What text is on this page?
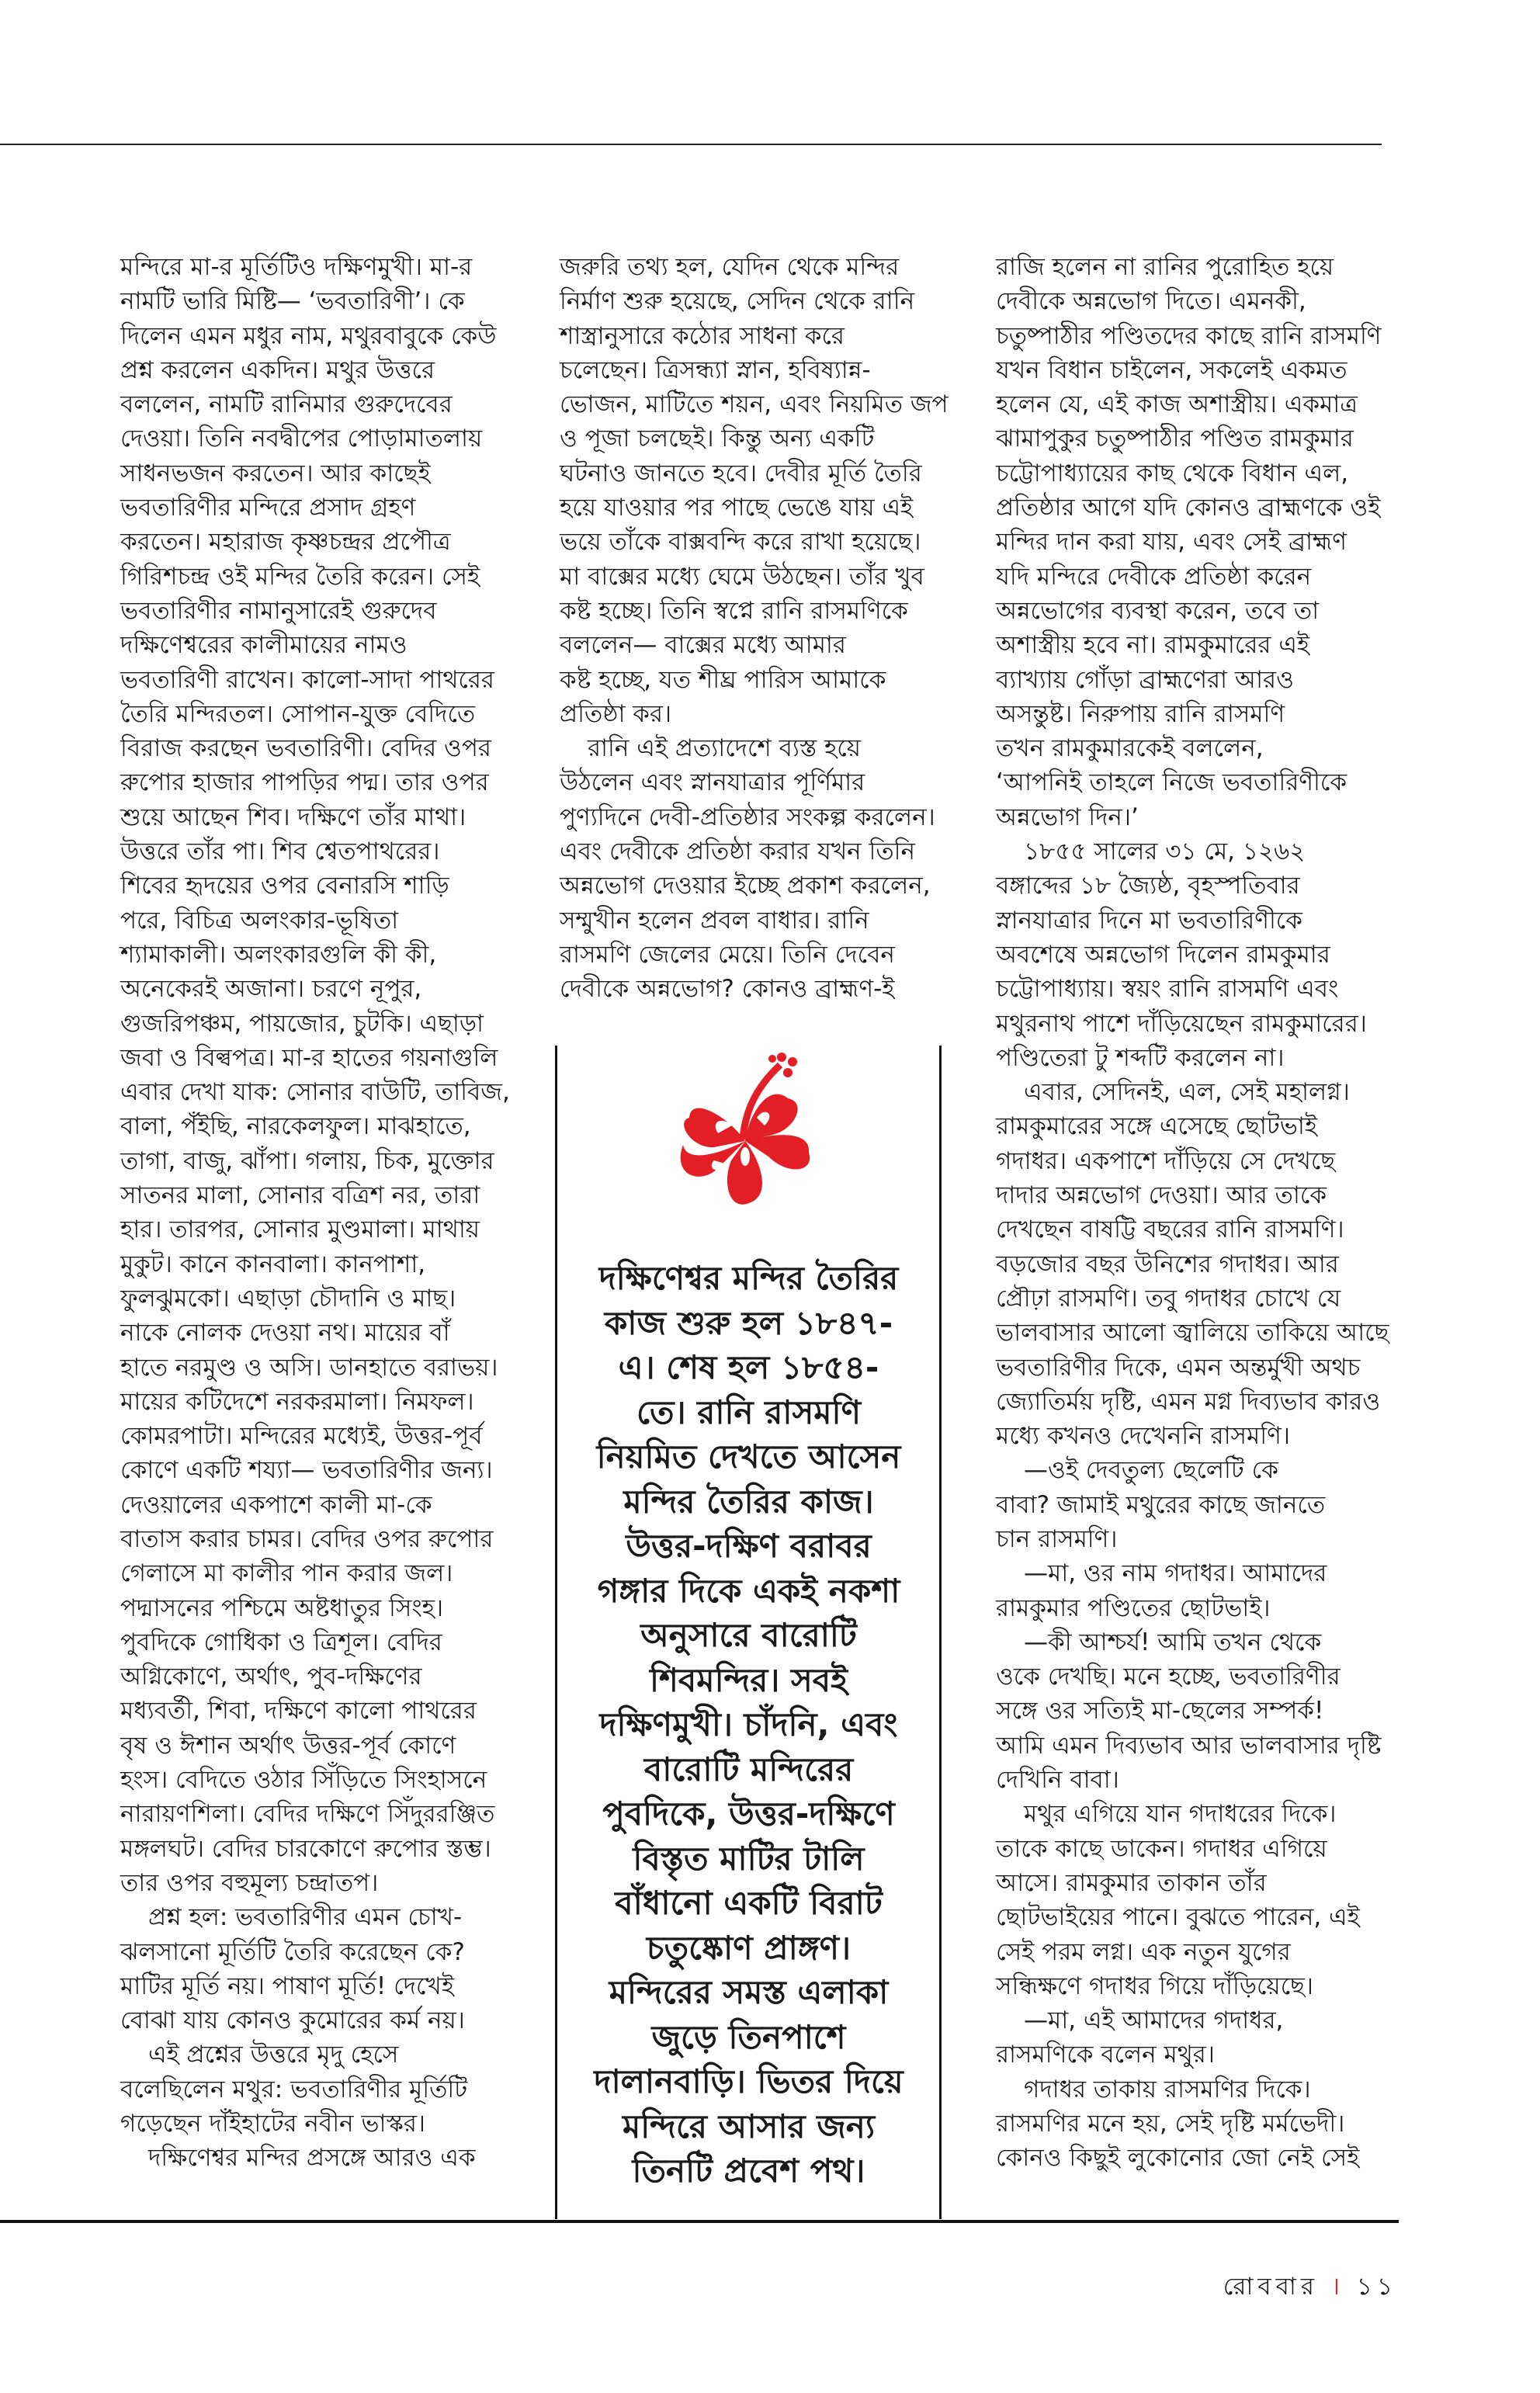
মন্দিরে মা-র মূর্তিটিও দক্ষিণমুখী। মা-র
নামটি ভারি মিষ্টি— ‘ভবতারিণী’। কে
দিলেন এমন মধুর নাম, মথুরবাবুকে কেউ
প্রশ্ন করলেন একদিন। মথুর উত্তরে
বললেন, নামটি রানিমার গুরুদেবের
দেওয়া। তিনি নবদ্বীপের পোড়ামাতলায়
সাধনভজন করতেন। আর কাছেই
ভবতারিণীর মন্দিরে প্রসাদ গ্রহণ
করতেন। মহারাজ কৃষ্ণচন্দ্রর প্রপৌত্র
গিরিশচন্দ্র ওই মন্দির তৈরি করেন। সেই
ভবতারিণীর নামানুসারেই গুরুদেব
দক্ষিণেশ্বরের কালীমায়ের নামও
ভবতারিণী রাখেন। কালো-সাদা পাথরের
তৈরি মন্দিরতল। সোপান-যুক্ত বেদিতে
বিরাজ করছেন ভবতারিণী। বেদির ওপর
রুপোর হাজার পাপড়ির পদ্ম। তার ওপর
শুয়ে আছেন শিব। দক্ষিণে তাঁর মাথা।
উত্তরে তাঁর পা। শিব শ্বেতপাথরের।
শিবের হৃদয়ের ওপর বেনারসি শাড়ি
পরে, বিচিত্র অলংকার-ভূষিতা
শ্যামাকালী। অলংকারগুলি কী কী,
অনেকেরই অজানা। চরণে নূপুর,
গুজরিপঞ্চম, পায়জোর, চুটকি। এছাড়া
জবা ও বিল্বপত্র। মা-র হাতের গয়নাগুলি
এবার দেখা যাক: সোনার বাউটি, তাবিজ,
বালা, পঁইছি, নারকেলফুল। মাঝহাতে,
তাগা, বাজু, ঝাঁপা। গলায়, চিক, মুক্তোর
সাতনর মালা, সোনার বত্রিশ নর, তারা
হার। তারপর, সোনার মুণ্ডমালা। মাথায়
মুকুট। কানে কানবালা। কানপাশা,
ফুলঝুমকো। এছাড়া চৌদানি ও মাছ।
নাকে নোলক দেওয়া নথ। মায়ের বাঁ
হাতে নরমুণ্ড ও অসি। ডানহাতে বরাভয়।
মায়ের কটিদেশে নরকরমালা। নিমফল।
কোমরপাটা। মন্দিরের মধ্যেই, উত্তর-পূর্ব
কোণে একটি শয্যা— ভবতারিণীর জন্য।
দেওয়ালের একপাশে কালী মা-কে
বাতাস করার চামর। বেদির ওপর রুপোর
গেলাসে মা কালীর পান করার জল।
পদ্মাসনের পশ্চিমে অষ্টধাতুর সিংহ।
পুবদিকে গোধিকা ও ত্রিশূল। বেদির
অগ্নিকোণে, অর্থাৎ, পুব-দক্ষিণের
মধ্যবর্তী, শিবা, দক্ষিণে কালো পাথরের
বৃষ ও ঈশান অর্থাৎ উত্তর-পূর্ব কোণে
হংস। বেদিতে ওঠার সিঁড়িতে সিংহাসনে
নারায়ণশিলা। বেদির দক্ষিণে সিঁদুররঞ্জিত
মঙ্গলঘট। বেদির চারকোণে রুপোর স্তম্ভ।
তার ওপর বহুমূল্য চন্দ্রাতপ।
প্রশ্ন হল: ভবতারিণীর এমন চোখ-
ঝলসানো মূর্তিটি তৈরি করেছেন কে?
মাটির মূর্তি নয়। পাষাণ মূর্তি! দেখেই
বোঝা যায় কোনও কুমোরের কর্ম নয়।
এই প্রশ্নের উত্তরে মৃদু হেসে
বলেছিলেন মথুর: ভবতারিণীর মূর্তিটি
গড়েছেন দাঁইহাটের নবীন ভাস্কর।
দক্ষিণেশ্বর মন্দির প্রসঙ্গে আরও এক
জরুরি তথ্য হল, যেদিন থেকে মন্দির
নির্মাণ শুরু হয়েছে, সেদিন থেকে রানি
শাস্ত্রানুসারে কঠোর সাধনা করে
চলেছেন। ত্রিসন্ধ্যা স্নান, হবিষ্যান্ন-
ভোজন, মাটিতে শয়ন, এবং নিয়মিত জপ
ও পূজা চলছেই। কিন্তু অন্য একটি
ঘটনাও জানতে হবে। দেবীর মূর্তি তৈরি
হয়ে যাওয়ার পর পাছে ভেঙে যায় এই
ভয়ে তাঁকে বাক্সবন্দি করে রাখা হয়েছে।
মা বাক্সের মধ্যে ঘেমে উঠছেন। তাঁর খুব
কষ্ট হচ্ছে। তিনি স্বপ্নে রানি রাসমণিকে
বললেন— বাক্সের মধ্যে আমার
কষ্ট হচ্ছে, যত শীঘ্র পারিস আমাকে
প্রতিষ্ঠা কর।
রানি এই প্রত্যাদেশে ব্যস্ত হয়ে
উঠলেন এবং স্নানযাত্রার পূর্ণিমার
পুণ্যদিনে দেবী-প্রতিষ্ঠার সংকল্প করলেন।
এবং দেবীকে প্রতিষ্ঠা করার যখন তিনি
অন্নভোগ দেওয়ার ইচ্ছে প্রকাশ করলেন,
সম্মুখীন হলেন প্রবল বাধার। রানি
রাসমণি জেলের মেয়ে। তিনি দেবেন
দেবীকে অন্নভোগ? কোনও ব্রাহ্মণ-ই
রাজি হলেন না রানির পুরোহিত হয়ে
দেবীকে অন্নভোগ দিতে। এমনকী,
চতুষ্পাঠীর পণ্ডিতদের কাছে রানি রাসমণি
যখন বিধান চাইলেন, সকলেই একমত
হলেন যে, এই কাজ অশাস্ত্রীয়। একমাত্র
ঝামাপুকুর চতুষ্পাঠীর পণ্ডিত রামকুমার
চট্টোপাধ্যায়ের কাছ থেকে বিধান এল,
প্রতিষ্ঠার আগে যদি কোনও ব্রাহ্মণকে ওই
মন্দির দান করা যায়, এবং সেই ব্রাহ্মণ
যদি মন্দিরে দেবীকে প্রতিষ্ঠা করেন
অন্নভোগের ব্যবস্থা করেন, তবে তা
অশাস্ত্রীয় হবে না। রামকুমারের এই
ব্যাখ্যায় গোঁড়া ব্রাহ্মণেরা আরও
অসন্তুষ্ট। নিরুপায় রানি রাসমণি
তখন রামকুমারকেই বললেন,
‘আপনিই তাহলে নিজে ভবতারিণীকে
অন্নভোগ দিন।’
১৮৫৫ সালের ৩১ মে, ১২৬২
বঙ্গাব্দের ১৮ জ্যৈষ্ঠ, বৃহস্পতিবার
স্নানযাত্রার দিনে মা ভবতারিণীকে
অবশেষে অন্নভোগ দিলেন রামকুমার
চট্টোপাধ্যায়। স্বয়ং রানি রাসমণি এবং
মথুরনাথ পাশে দাঁড়িয়েছেন রামকুমারের।
পণ্ডিতেরা টু শব্দটি করলেন না।
এবার, সেদিনই, এল, সেই মহালগ্ন।
রামকুমারের সঙ্গে এসেছে ছোটভাই
গদাধর। একপাশে দাঁড়িয়ে সে দেখছে
দাদার অন্নভোগ দেওয়া। আর তাকে
দেখছেন বাষট্টি বছরের রানি রাসমণি।
বড়জোর বছর উনিশের গদাধর। আর
প্রৌঢ়া রাসমণি। তবু গদাধর চোখে যে
ভালবাসার আলো জ্বালিয়ে তাকিয়ে আছে
ভবতারিণীর দিকে, এমন অন্তর্মুখী অথচ
জ্যোতির্ময় দৃষ্টি, এমন মগ্ন দিব্যভাব কারও
মধ্যে কখনও দেখেননি রাসমণি।
—ওই দেবতুল্য ছেলেটি কে
বাবা? জামাই মথুরের কাছে জানতে
চান রাসমণি।
—মা, ওর নাম গদাধর। আমাদের
রামকুমার পণ্ডিতের ছোটভাই।
—কী আশ্চর্য! আমি তখন থেকে
ওকে দেখছি। মনে হচ্ছে, ভবতারিণীর
সঙ্গে ওর সত্যিই মা-ছেলের সম্পর্ক!
আমি এমন দিব্যভাব আর ভালবাসার দৃষ্টি
দেখিনি বাবা।
মথুর এগিয়ে যান গদাধরের দিকে।
তাকে কাছে ডাকেন। গদাধর এগিয়ে
আসে। রামকুমার তাকান তাঁর
ছোটভাইয়ের পানে। বুঝতে পারেন, এই
সেই পরম লগ্ন। এক নতুন যুগের
সন্ধিক্ষণে গদাধর গিয়ে দাঁড়িয়েছে।
—মা, এই আমাদের গদাধর,
রাসমণিকে বলেন মথুর।
গদাধর তাকায় রাসমণির দিকে।
রাসমণির মনে হয়, সেই দৃষ্টি মর্মভেদী।
কোনও কিছুই লুকোনোর জো নেই সেই
দক্ষিণেশ্বর মন্দির তৈরির
কাজ শুরু হল ১৮৪৭-
এ। শেষ হল ১৮৫৪-
তে। রানি রাসমণি
নিয়মিত দেখতে আসেন
মন্দির তৈরির কাজ।
উত্তর-দক্ষিণ বরাবর
গঙ্গার দিকে একই নকশা
অনুসারে বারোটি
শিবমন্দির। সবই
দক্ষিণমুখী। চাঁদনি, এবং
বারোটি মন্দিরের
পুবদিকে, উত্তর-দক্ষিণে
বিস্তৃত মাটির টালি
বাঁধানো একটি বিরাট
চতুষ্কোণ প্রাঙ্গণ।
মন্দিরের সমস্ত এলাকা
জুড়ে তিনপাশে
দালানবাড়ি। ভিতর দিয়ে
মন্দিরে আসার জন্য
তিনটি প্রবেশ পথ।
রোববার । ১১
